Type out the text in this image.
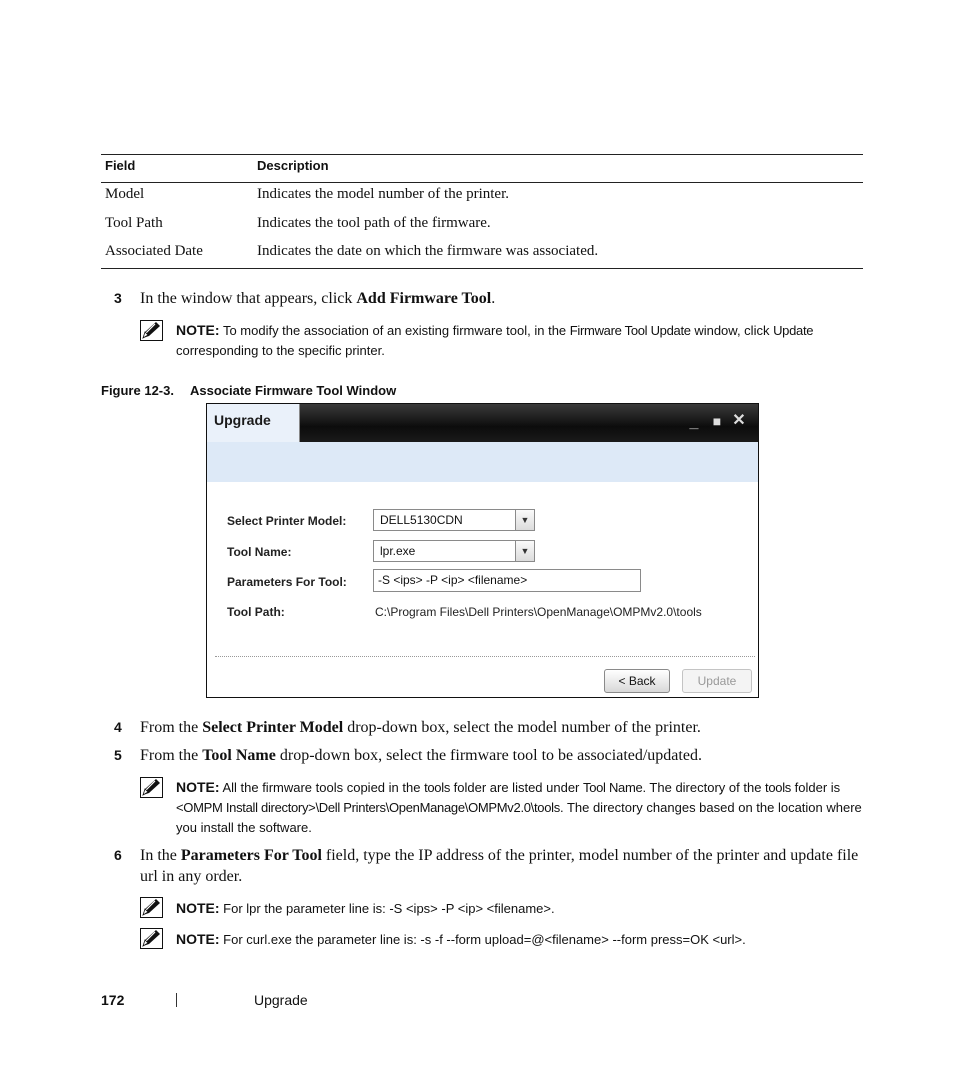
Field	Description
Model	Indicates the model number of the printer.
Tool Path	Indicates the tool path of the firmware.
Associated Date	Indicates the date on which the firmware was associated.
3 In the window that appears, click Add Firmware Tool.
NOTE: To modify the association of an existing firmware tool, in the Firmware Tool Update window, click Update corresponding to the specific printer.
Figure 12-3. Associate Firmware Tool Window
Upgrade	_	■ ✕
Select Printer Model:	DELL5130CDN	▼
Tool Name:	lpr.exe	▼
Parameters For Tool:	-S <ips> -P <ip> <filename>
Tool Path:	C:\Program Files\Dell Printers\OpenManage\OMPMv2.0\tools
< Back	Update
4 From the Select Printer Model drop-down box, select the model number of the printer.
5 From the Tool Name drop-down box, select the firmware tool to be associated/updated.
NOTE: All the firmware tools copied in the tools folder are listed under Tool Name. The directory of the tools folder is <OMPM Install directory>\Dell Printers\OpenManage\OMPMv2.0\tools. The directory changes based on the location where you install the software.
6 In the Parameters For Tool field, type the IP address of the printer, model number of the printer and update file url in any order.
NOTE: For lpr the parameter line is: -S <ips> -P <ip> <filename>.
NOTE: For curl.exe the parameter line is: -s -f --form upload=@<filename> --form press=OK <url>.
172	Upgrade
